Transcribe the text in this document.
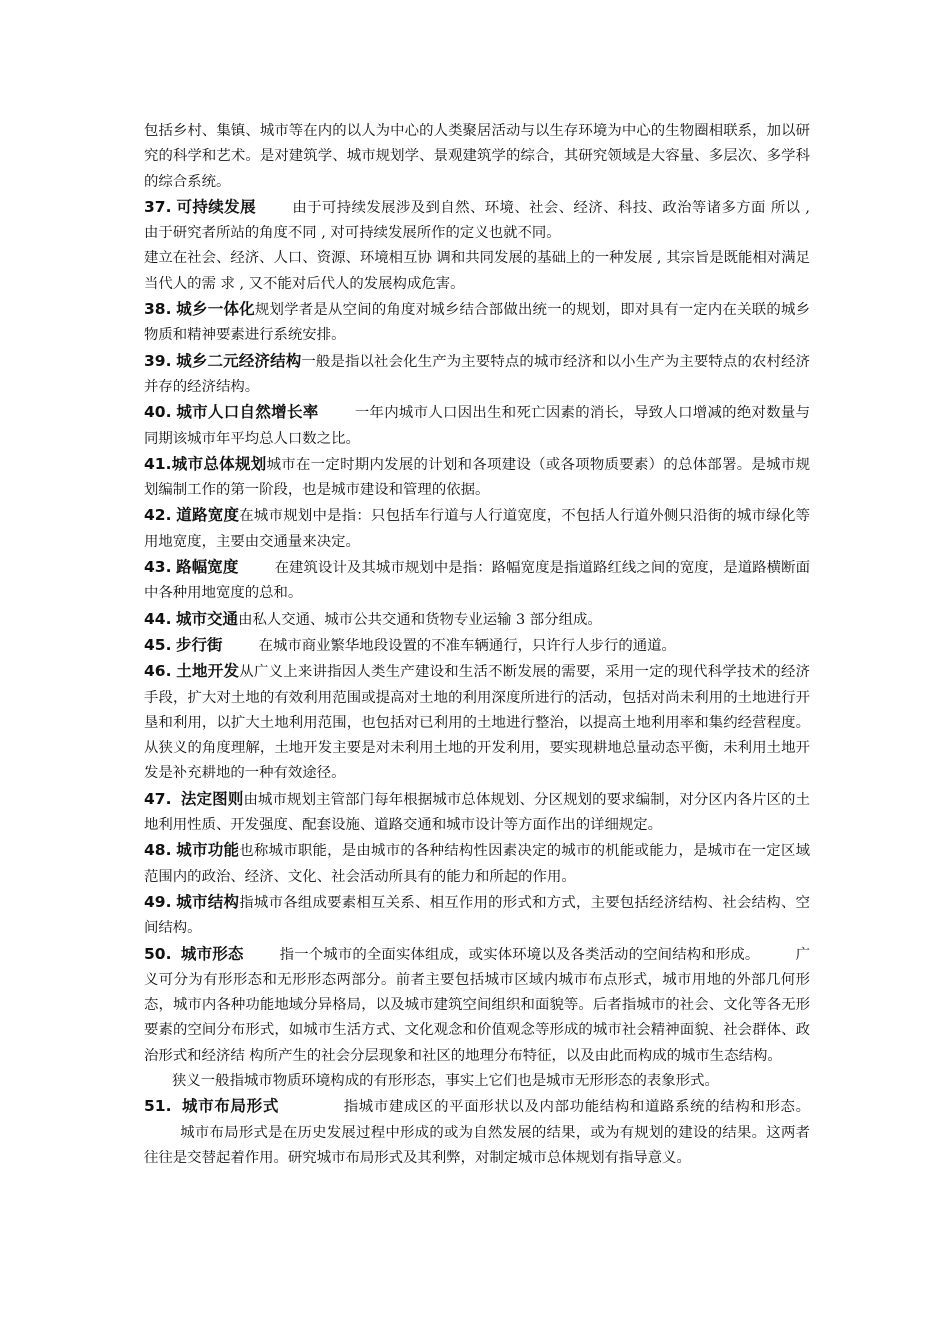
包括乡村、集镇、城市等在内的以人为中心的人类聚居活动与以生存环境为中心的生物圈相联系，加以研究的科学和艺术。是对建筑学、城市规划学、景观建筑学的综合，其研究领域是大容量、多层次、多学科的综合系统。

37. 可持续发展	由于可持续发展涉及到自然、环境、社会、经济、科技、政治等诸多方面 所以 , 由于研究者所站的角度不同 , 对可持续发展所作的定义也就不同。

建立在社会、经济、人口、资源、环境相互协 调和共同发展的基础上的一种发展 , 其宗旨是既能相对满足当代人的需 求 , 又不能对后代人的发展构成危害。

38. 城乡一体化规划学者是从空间的角度对城乡结合部做出统一的规划，即对具有一定内在关联的城乡物质和精神要素进行系统安排。

39. 城乡二元经济结构一般是指以社会化生产为主要特点的城市经济和以小生产为主要特点的农村经济并存的经济结构。

40. 城市人口自然增长率	一年内城市人口因出生和死亡因素的消长，导致人口增减的绝对数量与同期该城市年平均总人口数之比。

41.城市总体规划城市在一定时期内发展的计划和各项建设（或各项物质要素）的总体部署。是城市规划编制工作的第一阶段，也是城市建设和管理的依据。

42. 道路宽度在城市规划中是指：只包括车行道与人行道宽度，不包括人行道外侧只沿街的城市绿化等用地宽度，主要由交通量来决定。

43. 路幅宽度	在建筑设计及其城市规划中是指：路幅宽度是指道路红线之间的宽度，是道路横断面中各种用地宽度的总和。

44. 城市交通由私人交通、城市公共交通和货物专业运输 3 部分组成。

45. 步行街	在城市商业繁华地段设置的不准车辆通行，只许行人步行的通道。

46. 土地开发从广义上来讲指因人类生产建设和生活不断发展的需要，采用一定的现代科学技术的经济手段，扩大对土地的有效利用范围或提高对土地的利用深度所进行的活动，包括对尚未利用的土地进行开垦和利用，以扩大土地利用范围，也包括对已利用的土地进行整治，以提高土地利用率和集约经营程度。从狭义的角度理解，土地开发主要是对未利用土地的开发利用，要实现耕地总量动态平衡，未利用土地开发是补充耕地的一种有效途径。

47. 法定图则由城市规划主管部门每年根据城市总体规划、分区规划的要求编制，对分区内各片区的土地利用性质、开发强度、配套设施、道路交通和城市设计等方面作出的详细规定。

48. 城市功能也称城市职能，是由城市的各种结构性因素决定的城市的机能或能力，是城市在一定区域范围内的政治、经济、文化、社会活动所具有的能力和所起的作用。

49. 城市结构指城市各组成要素相互关系、相互作用的形式和方式，主要包括经济结构、社会结构、空间结构。

50. 城市形态	指一个城市的全面实体组成，或实体环境以及各类活动的空间结构和形成。	广义可分为有形形态和无形形态两部分。前者主要包括城市区域内城市布点形式，城市用地的外部几何形态，城市内各种功能地域分异格局，以及城市建筑空间组织和面貌等。后者指城市的社会、文化等各无形要素的空间分布形式，如城市生活方式、文化观念和价值观念等形成的城市社会精神面貌、社会群体、政治形式和经济结 构所产生的社会分层现象和社区的地理分布特征，以及由此而构成的城市生态结构。

狭义一般指城市物质环境构成的有形形态，事实上它们也是城市无形形态的表象形式。

51. 城市布局形式	指城市建成区的平面形状以及内部功能结构和道路系统的结构和形态。城市布局形式是在历史发展过程中形成的或为自然发展的结果，或为有规划的建设的结果。这两者往往是交替起着作用。研究城市布局形式及其利弊，对制定城市总体规划有指导意义。
